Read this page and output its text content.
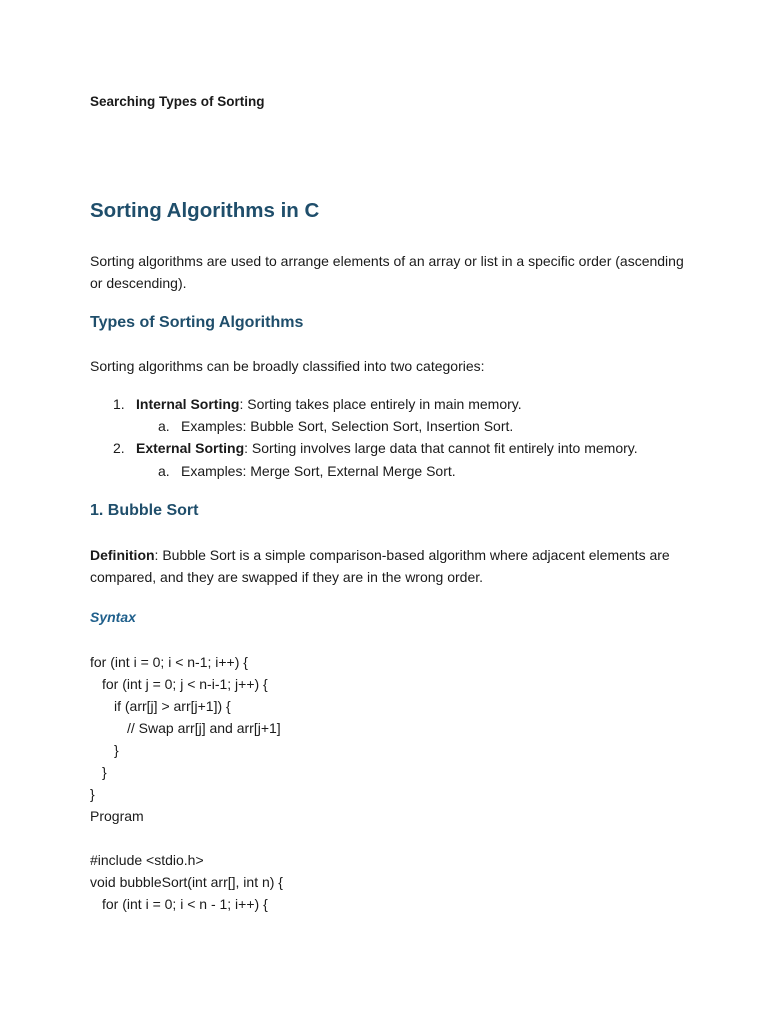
Searching Types of Sorting

Sorting Algorithms in C

Sorting algorithms are used to arrange elements of an array or list in a specific order (ascending or descending).

Types of Sorting Algorithms

Sorting algorithms can be broadly classified into two categories:

1. Internal Sorting: Sorting takes place entirely in main memory.
a. Examples: Bubble Sort, Selection Sort, Insertion Sort.
2. External Sorting: Sorting involves large data that cannot fit entirely into memory.
a. Examples: Merge Sort, External Merge Sort.
1. Bubble Sort

Definition: Bubble Sort is a simple comparison-based algorithm where adjacent elements are compared, and they are swapped if they are in the wrong order.

Syntax

for (int i = 0; i < n-1; i++) {
for (int j = 0; j < n-i-1; j++) {
if (arr[j] > arr[j+1]) {
// Swap arr[j] and arr[j+1]
}
}
}
Program
#include <stdio.h>
void bubbleSort(int arr[], int n) {
for (int i = 0; i < n - 1; i++) {
